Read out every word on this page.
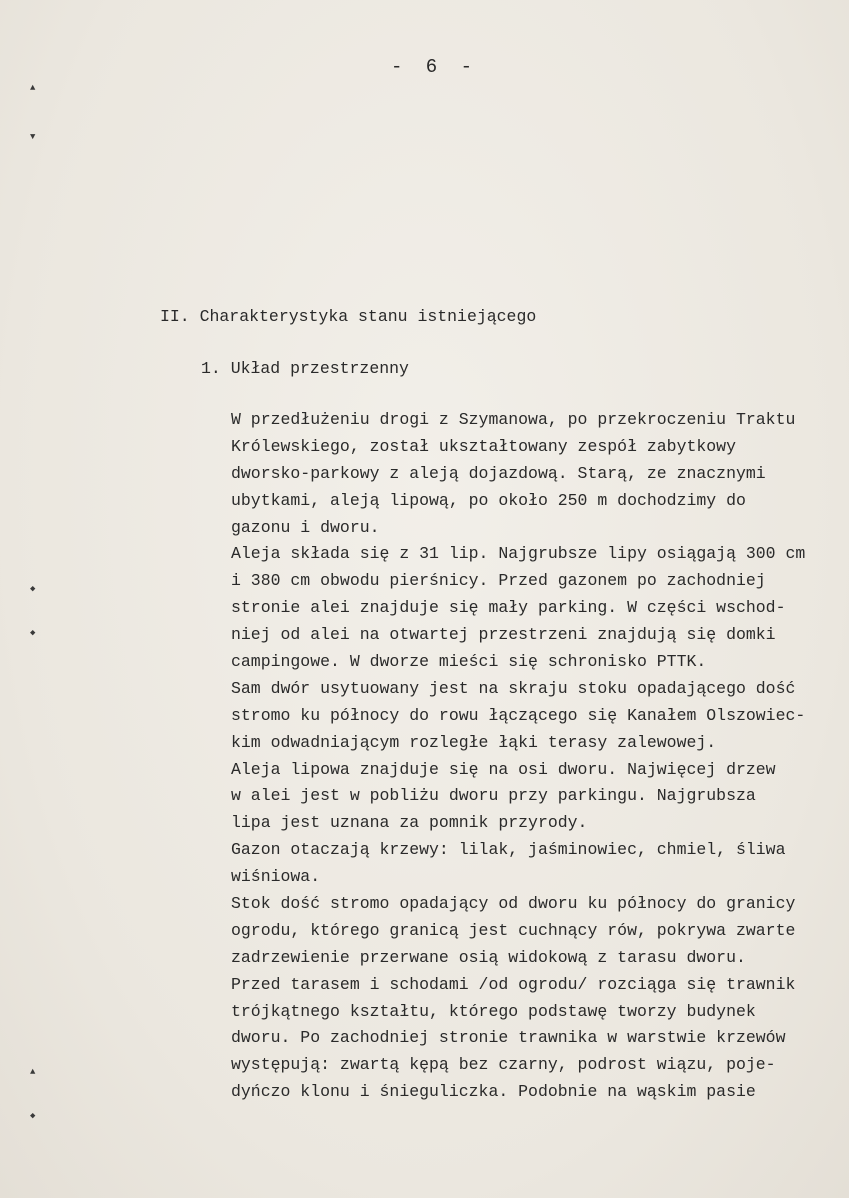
▲
▼
◆
◆
▲
◆
- 6 -
II. Charakterystyka stanu istniejącego
1. Układ przestrzenny
W przedłużeniu drogi z Szymanowa, po przekroczeniu Traktu
Królewskiego, został ukształtowany zespół zabytkowy
dworsko-parkowy z aleją dojazdową. Starą, ze znacznymi
ubytkami, aleją lipową, po około 250 m dochodzimy do
gazonu i dworu.
Aleja składa się z 31 lip. Najgrubsze lipy osiągają 300 cm
i 380 cm obwodu pierśnicy. Przed gazonem po zachodniej
stronie alei znajduje się mały parking. W części wschod-
niej od alei na otwartej przestrzeni znajdują się domki
campingowe. W dworze mieści się schronisko PTTK.
Sam dwór usytuowany jest na skraju stoku opadającego dość
stromo ku północy do rowu łączącego się Kanałem Olszowiec-
kim odwadniającym rozległe łąki terasy zalewowej.
Aleja lipowa znajduje się na osi dworu. Najwięcej drzew
w alei jest w pobliżu dworu przy parkingu. Najgrubsza
lipa jest uznana za pomnik przyrody.
Gazon otaczają krzewy: lilak, jaśminowiec, chmiel, śliwa
wiśniowa.
Stok dość stromo opadający od dworu ku północy do granicy
ogrodu, którego granicą jest cuchnący rów, pokrywa zwarte
zadrzewienie przerwane osią widokową z tarasu dworu.
Przed tarasem i schodami /od ogrodu/ rozciąga się trawnik
trójkątnego kształtu, którego podstawę tworzy budynek
dworu. Po zachodniej stronie trawnika w warstwie krzewów
występują: zwartą kępą bez czarny, podrost wiązu, poje-
dyńczo klonu i śnieguliczka. Podobnie na wąskim pasie
